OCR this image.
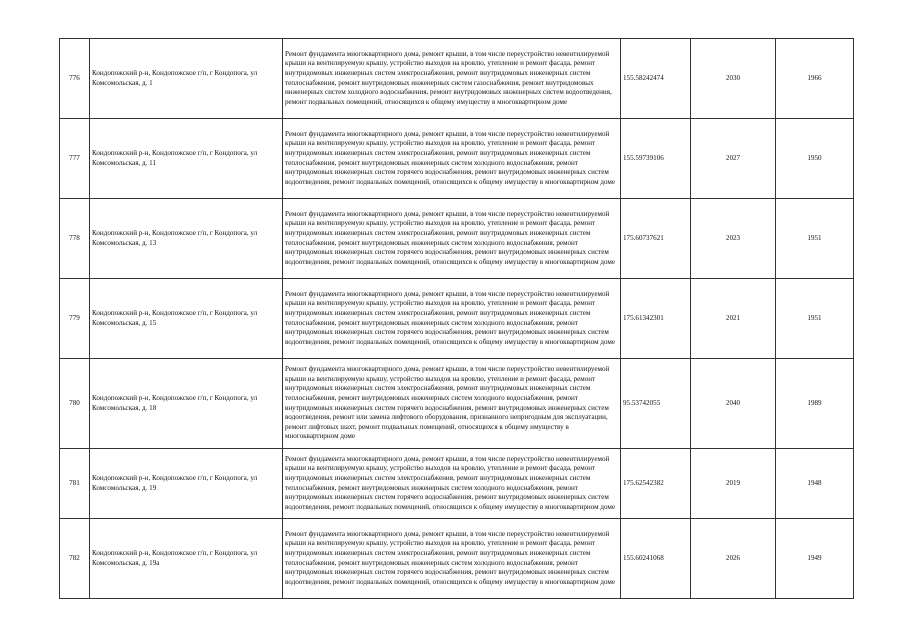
776	Кондопожский р-н, Кондопожское г/п, г Кондопога, ул Комсомольская, д. 1	Ремонт фундамента многоквартирного дома, ремонт крыши, в том числе переустройство невентилируемой крыши на вентилируемую крышу, устройство выходов на кровлю, утепление и ремонт фасада, ремонт внутридомовых инженерных систем электроснабжения, ремонт внутридомовых инженерных систем теплоснабжения, ремонт внутридомовых инженерных систем газоснабжения, ремонт внутридомовых инженерных систем холодного водоснабжения, ремонт внутридомовых инженерных систем водоотведения, ремонт подвальных помещений, относящихся к общему имуществу в многоквартирном доме	155.58242474	2030	1966
777	Кондопожский р-н, Кондопожское г/п, г Кондопога, ул Комсомольская, д. 11	Ремонт фундамента многоквартирного дома, ремонт крыши, в том числе переустройство невентилируемой крыши на вентилируемую крышу, устройство выходов на кровлю, утепление и ремонт фасада, ремонт внутридомовых инженерных систем электроснабжения, ремонт внутридомовых инженерных систем теплоснабжения, ремонт внутридомовых инженерных систем холодного водоснабжения, ремонт внутридомовых инженерных систем горячего водоснабжения, ремонт внутридомовых инженерных систем водоотведения, ремонт подвальных помещений, относящихся к общему имуществу в многоквартирном доме	155.59739106	2027	1950
778	Кондопожский р-н, Кондопожское г/п, г Кондопога, ул Комсомольская, д. 13	Ремонт фундамента многоквартирного дома, ремонт крыши, в том числе переустройство невентилируемой крыши на вентилируемую крышу, устройство выходов на кровлю, утепление и ремонт фасада, ремонт внутридомовых инженерных систем электроснабжения, ремонт внутридомовых инженерных систем теплоснабжения, ремонт внутридомовых инженерных систем холодного водоснабжения, ремонт внутридомовых инженерных систем горячего водоснабжения, ремонт внутридомовых инженерных систем водоотведения, ремонт подвальных помещений, относящихся к общему имуществу в многоквартирном доме	175.60737621	2023	1951
779	Кондопожский р-н, Кондопожское г/п, г Кондопога, ул Комсомольская, д. 15	Ремонт фундамента многоквартирного дома, ремонт крыши, в том числе переустройство невентилируемой крыши на вентилируемую крышу, устройство выходов на кровлю, утепление и ремонт фасада, ремонт внутридомовых инженерных систем электроснабжения, ремонт внутридомовых инженерных систем теплоснабжения, ремонт внутридомовых инженерных систем холодного водоснабжения, ремонт внутридомовых инженерных систем горячего водоснабжения, ремонт внутридомовых инженерных систем водоотведения, ремонт подвальных помещений, относящихся к общему имуществу в многоквартирном доме	175.61342301	2021	1951
780	Кондопожский р-н, Кондопожское г/п, г Кондопога, ул Комсомольская, д. 18	Ремонт фундамента многоквартирного дома, ремонт крыши, в том числе переустройство невентилируемой крыши на вентилируемую крышу, устройство выходов на кровлю, утепление и ремонт фасада, ремонт внутридомовых инженерных систем электроснабжения, ремонт внутридомовых инженерных систем теплоснабжения, ремонт внутридомовых инженерных систем холодного водоснабжения, ремонт внутридомовых инженерных систем горячего водоснабжения, ремонт внутридомовых инженерных систем водоотведения, ремонт или замена лифтового оборудования, признанного непригодным для эксплуатации, ремонт лифтовых шахт, ремонт подвальных помещений, относящихся к общему имуществу в многоквартирном доме	95.53742055	2040	1989
781	Кондопожский р-н, Кондопожское г/п, г Кондопога, ул Комсомольская, д. 19	Ремонт фундамента многоквартирного дома, ремонт крыши, в том числе переустройство невентилируемой крыши на вентилируемую крышу, устройство выходов на кровлю, утепление и ремонт фасада, ремонт внутридомовых инженерных систем электроснабжения, ремонт внутридомовых инженерных систем теплоснабжения, ремонт внутридомовых инженерных систем холодного водоснабжения, ремонт внутридомовых инженерных систем горячего водоснабжения, ремонт внутридомовых инженерных систем водоотведения, ремонт подвальных помещений, относящихся к общему имуществу в многоквартирном доме	175.62542382	2019	1948
782	Кондопожский р-н, Кондопожское г/п, г Кондопога, ул Комсомольская, д. 19а	Ремонт фундамента многоквартирного дома, ремонт крыши, в том числе переустройство невентилируемой крыши на вентилируемую крышу, устройство выходов на кровлю, утепление и ремонт фасада, ремонт внутридомовых инженерных систем электроснабжения, ремонт внутридомовых инженерных систем теплоснабжения, ремонт внутридомовых инженерных систем холодного водоснабжения, ремонт внутридомовых инженерных систем горячего водоснабжения, ремонт внутридомовых инженерных систем водоотведения, ремонт подвальных помещений, относящихся к общему имуществу в многоквартирном доме	155.60241068	2026	1949
